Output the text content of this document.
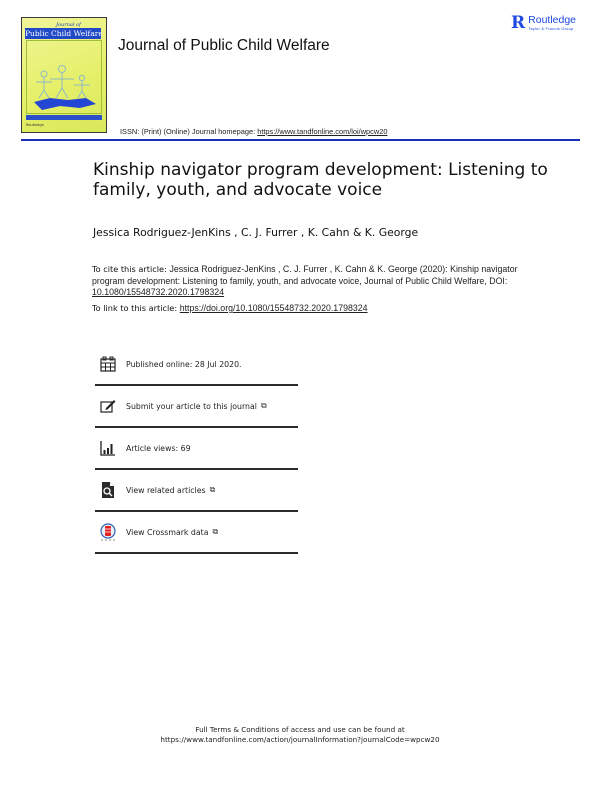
Journal of
Public Child Welfare
Routledge
Journal of Public Child Welfare
R Routledge
Taylor & Francis Group
ISSN: (Print) (Online) Journal homepage: https://www.tandfonline.com/loi/wpcw20
Kinship navigator program development: Listening to family, youth, and advocate voice
Jessica Rodriguez-JenKins , C. J. Furrer , K. Cahn & K. George
To cite this article: Jessica Rodriguez-JenKins , C. J. Furrer , K. Cahn & K. George (2020): Kinship navigator program development: Listening to family, youth, and advocate voice, Journal of Public Child Welfare, DOI: 10.1080/15548732.2020.1798324
To link to this article: https://doi.org/10.1080/15548732.2020.1798324
Published online: 28 Jul 2020.
Submit your article to this journal ⧉
Article views: 69
View related articles ⧉
View Crossmark data ⧉
Full Terms & Conditions of access and use can be found at
https://www.tandfonline.com/action/journalInformation?journalCode=wpcw20
